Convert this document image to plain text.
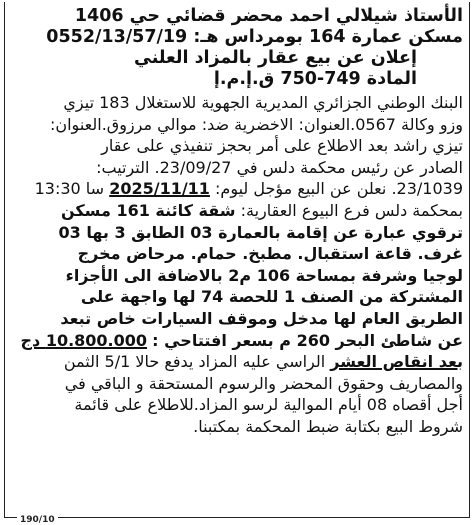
الأستاذ شيلالي احمد محضر قضائي حي 1406
مسكن عمارة 164 بومرداس هـ: 0552/13/57/19
إعلان عن بيع عقار بالمزاد العلني
المادة 749-750 ق.إ.م.إ
البنك الوطني الجزائري المديرية الجهوية للاستغلال 183 تيزي
وزو وكالة 0567.العنوان: الاخضرية ضد: موالي مرزوق.العنوان:
تيزي راشد بعد الاطلاع على أمر بحجز تنفيذي على عقار
الصادر عن رئيس محكمة دلس في 23/09/27. الترتيب:
23/1039. نعلن عن البيع مؤجل ليوم: 2025/11/11 سا 13:30
بمحكمة دلس فرع البيوع العقارية: شقة كائنة 161 مسكن
ترقوي عبارة عن إقامة بالعمارة 03 الطابق 3 بها 03
غرف. قاعة استقبال. مطبخ. حمام. مرحاض مخرج
لوجيا وشرفة بمساحة 106 م2 بالاضافة الى الأجزاء
المشتركة من الصنف 1 للحصة 74 لها واجهة على
الطريق العام لها مدخل وموقف السيارات خاص تبعد
عن شاطئ البحر 260 م بسعر افتتاحي : 10.800.000 دج
بعد انقاص العشر الراسي عليه المزاد يدفع حالا 5/1 الثمن
والمصاريف وحقوق المحضر والرسوم المستحقة و الباقي في
أجل أقصاه 08 أيام الموالية لرسو المزاد.للاطلاع على قائمة
شروط البيع بكتابة ضبط المحكمة بمكتبنا.
190/10
